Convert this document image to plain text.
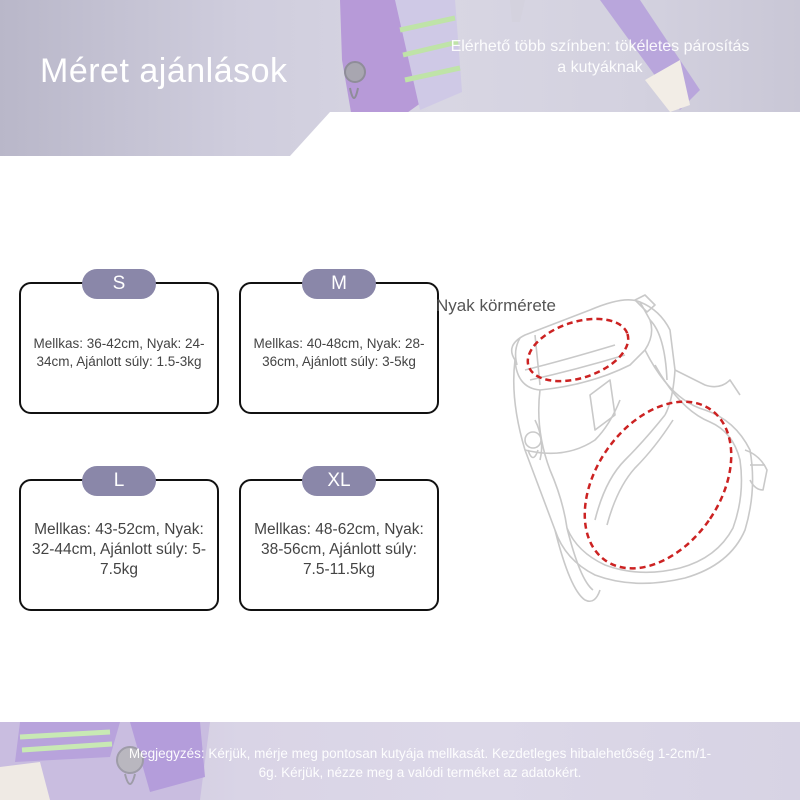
Méret ajánlások

Elérhető több színben: tökéletes párosítás a kutyáknak

S

Mellkas: 36-42cm, Nyak: 24-34cm, Ajánlott súly: 1.5-3kg

M

Mellkas: 40-48cm, Nyak: 28-36cm, Ajánlott súly: 3-5kg

L

Mellkas: 43-52cm, Nyak: 32-44cm, Ajánlott súly: 5-7.5kg

XL

Mellkas: 48-62cm, Nyak: 38-56cm, Ajánlott súly: 7.5-11.5kg

Nyak körmérete

Megjegyzés: Kérjük, mérje meg pontosan kutyája mellkasát. Kezdetleges hibalehetőség 1-2cm/1-6g. Kérjük, nézze meg a valódi terméket az adatokért.
